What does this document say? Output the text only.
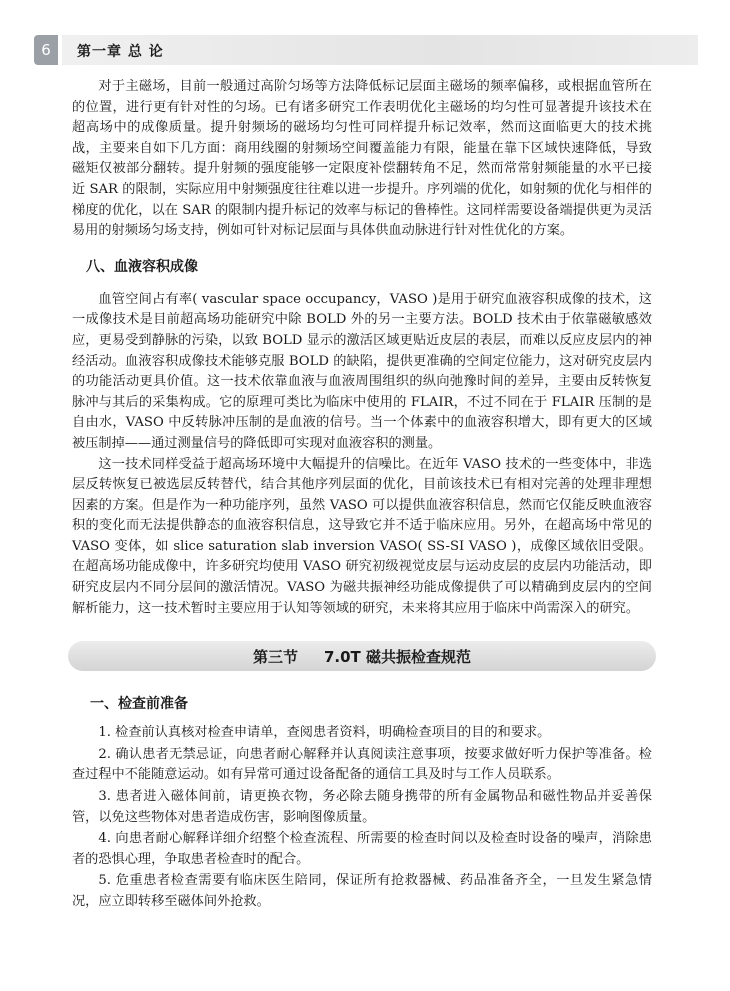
6	第一章 总 论

对于主磁场，目前一般通过高阶匀场等方法降低标记层面主磁场的频率偏移，或根据血管所在的位置，进行更有针对性的匀场。已有诸多研究工作表明优化主磁场的均匀性可显著提升该技术在超高场中的成像质量。提升射频场的磁场均匀性可同样提升标记效率，然而这面临更大的技术挑战，主要来自如下几方面：商用线圈的射频场空间覆盖能力有限，能量在靠下区域快速降低，导致磁矩仅被部分翻转。提升射频的强度能够一定限度补偿翻转角不足，然而常常射频能量的水平已接近 SAR 的限制，实际应用中射频强度往往难以进一步提升。序列端的优化，如射频的优化与相伴的梯度的优化，以在 SAR 的限制内提升标记的效率与标记的鲁棒性。这同样需要设备端提供更为灵活易用的射频场匀场支持，例如可针对标记层面与具体供血动脉进行针对性优化的方案。

八、血液容积成像

血管空间占有率( vascular space occupancy，VASO )是用于研究血液容积成像的技术，这一成像技术是目前超高场功能研究中除 BOLD 外的另一主要方法。BOLD 技术由于依靠磁敏感效应，更易受到静脉的污染，以致 BOLD 显示的激活区域更贴近皮层的表层，而难以反应皮层内的神经活动。血液容积成像技术能够克服 BOLD 的缺陷，提供更准确的空间定位能力，这对研究皮层内的功能活动更具价值。这一技术依靠血液与血液周围组织的纵向弛豫时间的差异，主要由反转恢复脉冲与其后的采集构成。它的原理可类比为临床中使用的 FLAIR，不过不同在于 FLAIR 压制的是自由水，VASO 中反转脉冲压制的是血液的信号。当一个体素中的血液容积增大，即有更大的区域被压制掉——通过测量信号的降低即可实现对血液容积的测量。

这一技术同样受益于超高场环境中大幅提升的信噪比。在近年 VASO 技术的一些变体中，非选层反转恢复已被选层反转替代，结合其他序列层面的优化，目前该技术已有相对完善的处理非理想因素的方案。但是作为一种功能序列，虽然 VASO 可以提供血液容积信息，然而它仅能反映血液容积的变化而无法提供静态的血液容积信息，这导致它并不适于临床应用。另外，在超高场中常见的 VASO 变体，如 slice saturation slab inversion VASO( SS-SI VASO )，成像区域依旧受限。在超高场功能成像中，许多研究均使用 VASO 研究初级视觉皮层与运动皮层的皮层内功能活动，即研究皮层内不同分层间的激活情况。VASO 为磁共振神经功能成像提供了可以精确到皮层内的空间解析能力，这一技术暂时主要应用于认知等领域的研究，未来将其应用于临床中尚需深入的研究。

第三节 7.0T 磁共振检查规范
一、检查前准备

1. 检查前认真核对检查申请单，查阅患者资料，明确检查项目的目的和要求。

2. 确认患者无禁忌证，向患者耐心解释并认真阅读注意事项，按要求做好听力保护等准备。检查过程中不能随意运动。如有异常可通过设备配备的通信工具及时与工作人员联系。

3. 患者进入磁体间前，请更换衣物，务必除去随身携带的所有金属物品和磁性物品并妥善保管，以免这些物体对患者造成伤害，影响图像质量。

4. 向患者耐心解释详细介绍整个检查流程、所需要的检查时间以及检查时设备的噪声，消除患者的恐惧心理，争取患者检查时的配合。

5. 危重患者检查需要有临床医生陪同，保证所有抢救器械、药品准备齐全，一旦发生紧急情况，应立即转移至磁体间外抢救。
